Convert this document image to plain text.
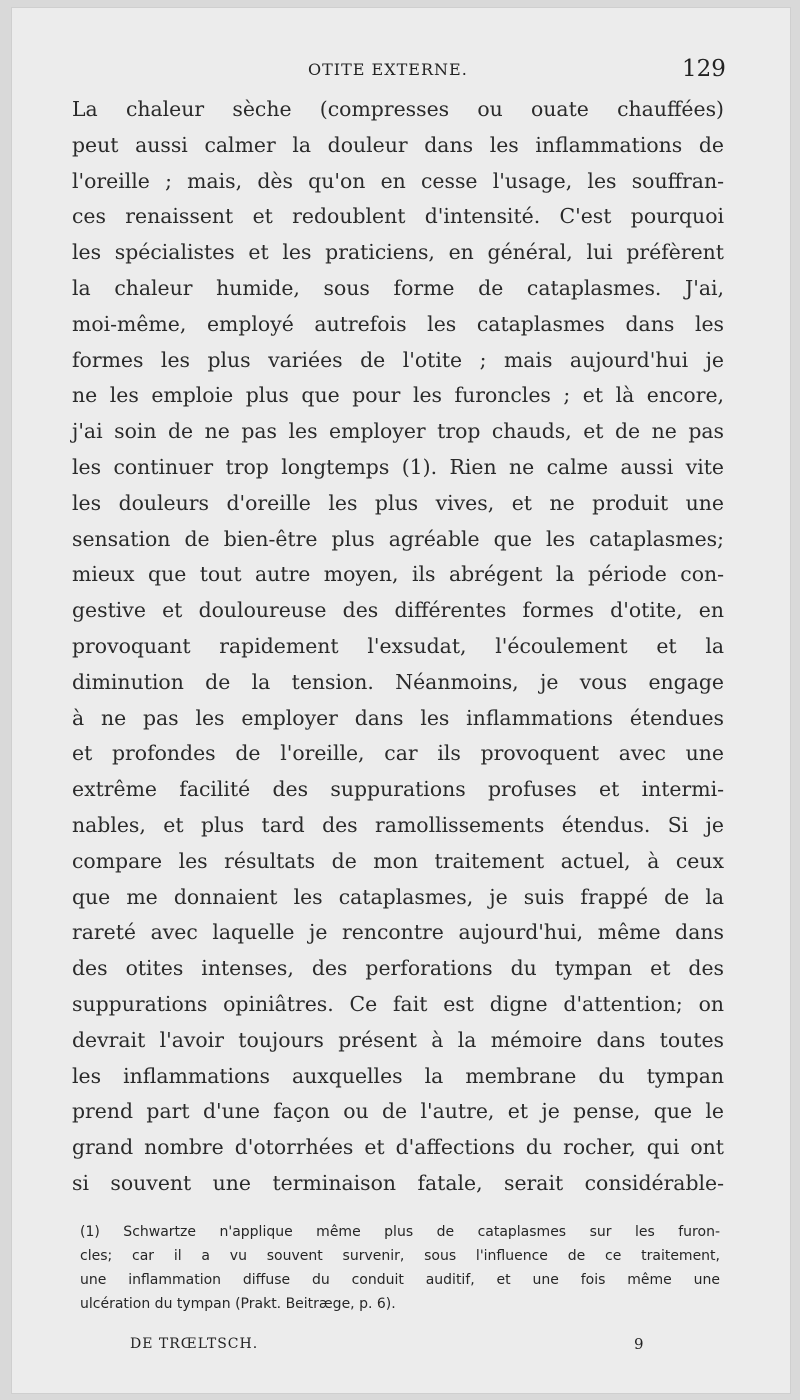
OTITE EXTERNE.	129
La chaleur sèche (compresses ou ouate chauffées)
peut aussi calmer la douleur dans les inflammations de
l'oreille ; mais, dès qu'on en cesse l'usage, les souffran-
ces renaissent et redoublent d'intensité. C'est pourquoi
les spécialistes et les praticiens, en général, lui préfèrent
la chaleur humide, sous forme de cataplasmes. J'ai,
moi-même, employé autrefois les cataplasmes dans les
formes les plus variées de l'otite ; mais aujourd'hui je
ne les emploie plus que pour les furoncles ; et là encore,
j'ai soin de ne pas les employer trop chauds, et de ne pas
les continuer trop longtemps (1). Rien ne calme aussi vite
les douleurs d'oreille les plus vives, et ne produit une
sensation de bien-être plus agréable que les cataplasmes;
mieux que tout autre moyen, ils abrégent la période con-
gestive et douloureuse des différentes formes d'otite, en
provoquant rapidement l'exsudat, l'écoulement et la
diminution de la tension. Néanmoins, je vous engage
à ne pas les employer dans les inflammations étendues
et profondes de l'oreille, car ils provoquent avec une
extrême facilité des suppurations profuses et intermi-
nables, et plus tard des ramollissements étendus. Si je
compare les résultats de mon traitement actuel, à ceux
que me donnaient les cataplasmes, je suis frappé de la
rareté avec laquelle je rencontre aujourd'hui, même dans
des otites intenses, des perforations du tympan et des
suppurations opiniâtres. Ce fait est digne d'attention; on
devrait l'avoir toujours présent à la mémoire dans toutes
les inflammations auxquelles la membrane du tympan
prend part d'une façon ou de l'autre, et je pense, que le
grand nombre d'otorrhées et d'affections du rocher, qui ont
si souvent une terminaison fatale, serait considérable-
(1) Schwartze n'applique même plus de cataplasmes sur les furon-
cles; car il a vu souvent survenir, sous l'influence de ce traitement,
une inflammation diffuse du conduit auditif, et une fois même une
ulcération du tympan (Prakt. Beitræge, p. 6).
DE TRŒLTSCH.	9
